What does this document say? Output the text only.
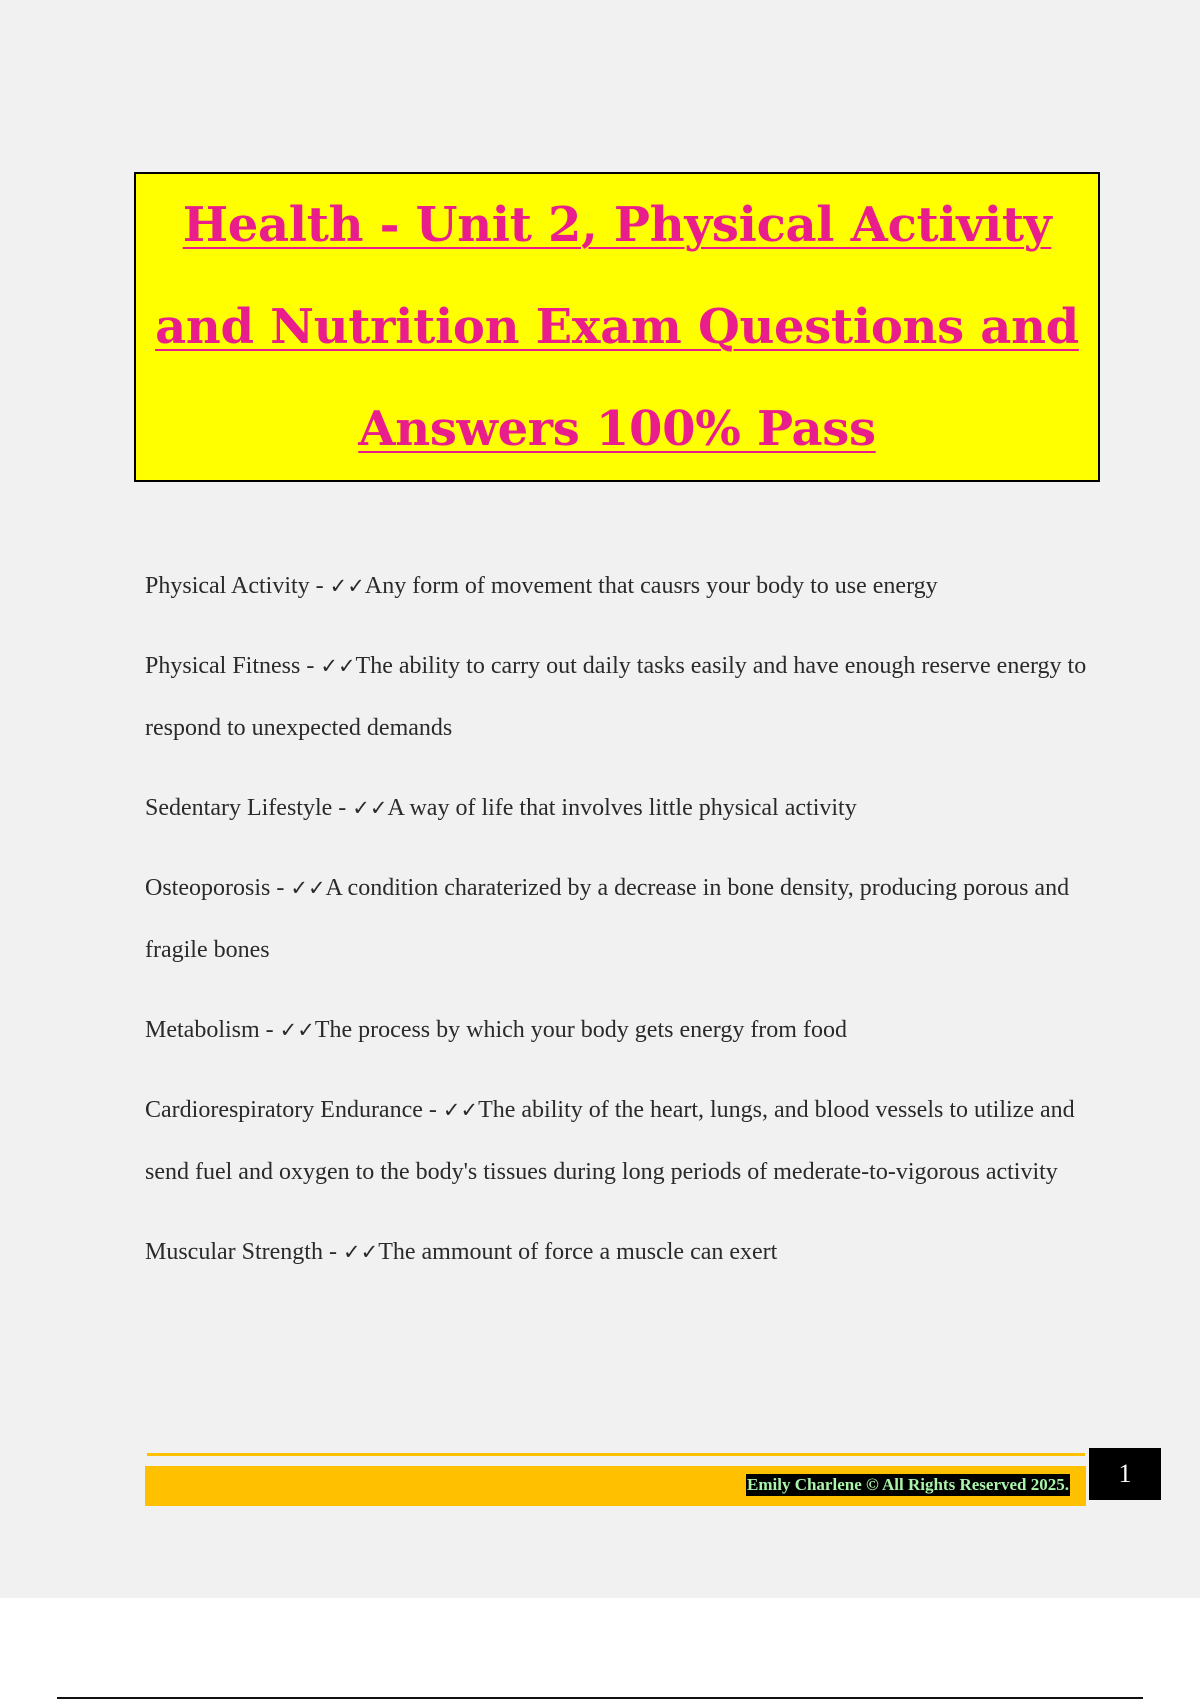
Health - Unit 2, Physical Activity and Nutrition Exam Questions and Answers 100% Pass

Physical Activity - ✓✓Any form of movement that causrs your body to use energy

Physical Fitness - ✓✓The ability to carry out daily tasks easily and have enough reserve energy to respond to unexpected demands

Sedentary Lifestyle - ✓✓A way of life that involves little physical activity

Osteoporosis - ✓✓A condition charaterized by a decrease in bone density, producing porous and fragile bones

Metabolism - ✓✓The process by which your body gets energy from food

Cardiorespiratory Endurance - ✓✓The ability of the heart, lungs, and blood vessels to utilize and send fuel and oxygen to the body's tissues during long periods of mederate-to-vigorous activity

Muscular Strength - ✓✓The ammount of force a muscle can exert

Emily Charlene © All Rights Reserved 2025.	1
